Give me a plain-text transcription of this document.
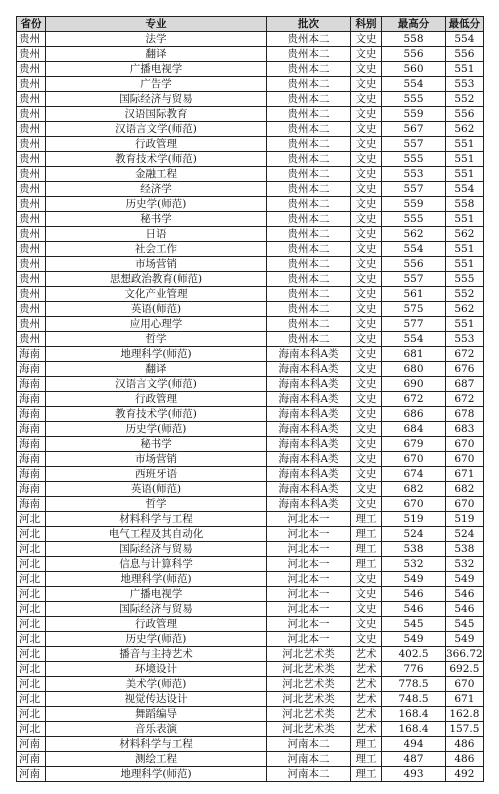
省份	专业	批次	科别	最高分	最低分
贵州	法学	贵州本二	文史	558	554
贵州	翻译	贵州本二	文史	556	556
贵州	广播电视学	贵州本二	文史	560	551
贵州	广告学	贵州本二	文史	554	553
贵州	国际经济与贸易	贵州本二	文史	555	552
贵州	汉语国际教育	贵州本二	文史	559	556
贵州	汉语言文学(师范)	贵州本二	文史	567	562
贵州	行政管理	贵州本二	文史	557	551
贵州	教育技术学(师范)	贵州本二	文史	555	551
贵州	金融工程	贵州本二	文史	553	551
贵州	经济学	贵州本二	文史	557	554
贵州	历史学(师范)	贵州本二	文史	559	558
贵州	秘书学	贵州本二	文史	555	551
贵州	日语	贵州本二	文史	562	562
贵州	社会工作	贵州本二	文史	554	551
贵州	市场营销	贵州本二	文史	556	551
贵州	思想政治教育(师范)	贵州本二	文史	557	555
贵州	文化产业管理	贵州本二	文史	561	552
贵州	英语(师范)	贵州本二	文史	575	562
贵州	应用心理学	贵州本二	文史	577	551
贵州	哲学	贵州本二	文史	554	553
海南	地理科学(师范)	海南本科A类	文史	681	672
海南	翻译	海南本科A类	文史	680	676
海南	汉语言文学(师范)	海南本科A类	文史	690	687
海南	行政管理	海南本科A类	文史	672	672
海南	教育技术学(师范)	海南本科A类	文史	686	678
海南	历史学(师范)	海南本科A类	文史	684	683
海南	秘书学	海南本科A类	文史	679	670
海南	市场营销	海南本科A类	文史	670	670
海南	西班牙语	海南本科A类	文史	674	671
海南	英语(师范)	海南本科A类	文史	682	682
海南	哲学	海南本科A类	文史	670	670
河北	材料科学与工程	河北本一	理工	519	519
河北	电气工程及其自动化	河北本一	理工	524	524
河北	国际经济与贸易	河北本一	理工	538	538
河北	信息与计算科学	河北本一	理工	532	532
河北	地理科学(师范)	河北本一	文史	549	549
河北	广播电视学	河北本一	文史	546	546
河北	国际经济与贸易	河北本一	文史	546	546
河北	行政管理	河北本一	文史	545	545
河北	历史学(师范)	河北本一	文史	549	549
河北	播音与主持艺术	河北艺术类	艺术	402.5	366.72
河北	环境设计	河北艺术类	艺术	776	692.5
河北	美术学(师范)	河北艺术类	艺术	778.5	670
河北	视觉传达设计	河北艺术类	艺术	748.5	671
河北	舞蹈编导	河北艺术类	艺术	168.4	162.8
河北	音乐表演	河北艺术类	艺术	168.4	157.5
河南	材料科学与工程	河南本二	理工	494	486
河南	测绘工程	河南本二	理工	487	486
河南	地理科学(师范)	河南本二	理工	493	492
